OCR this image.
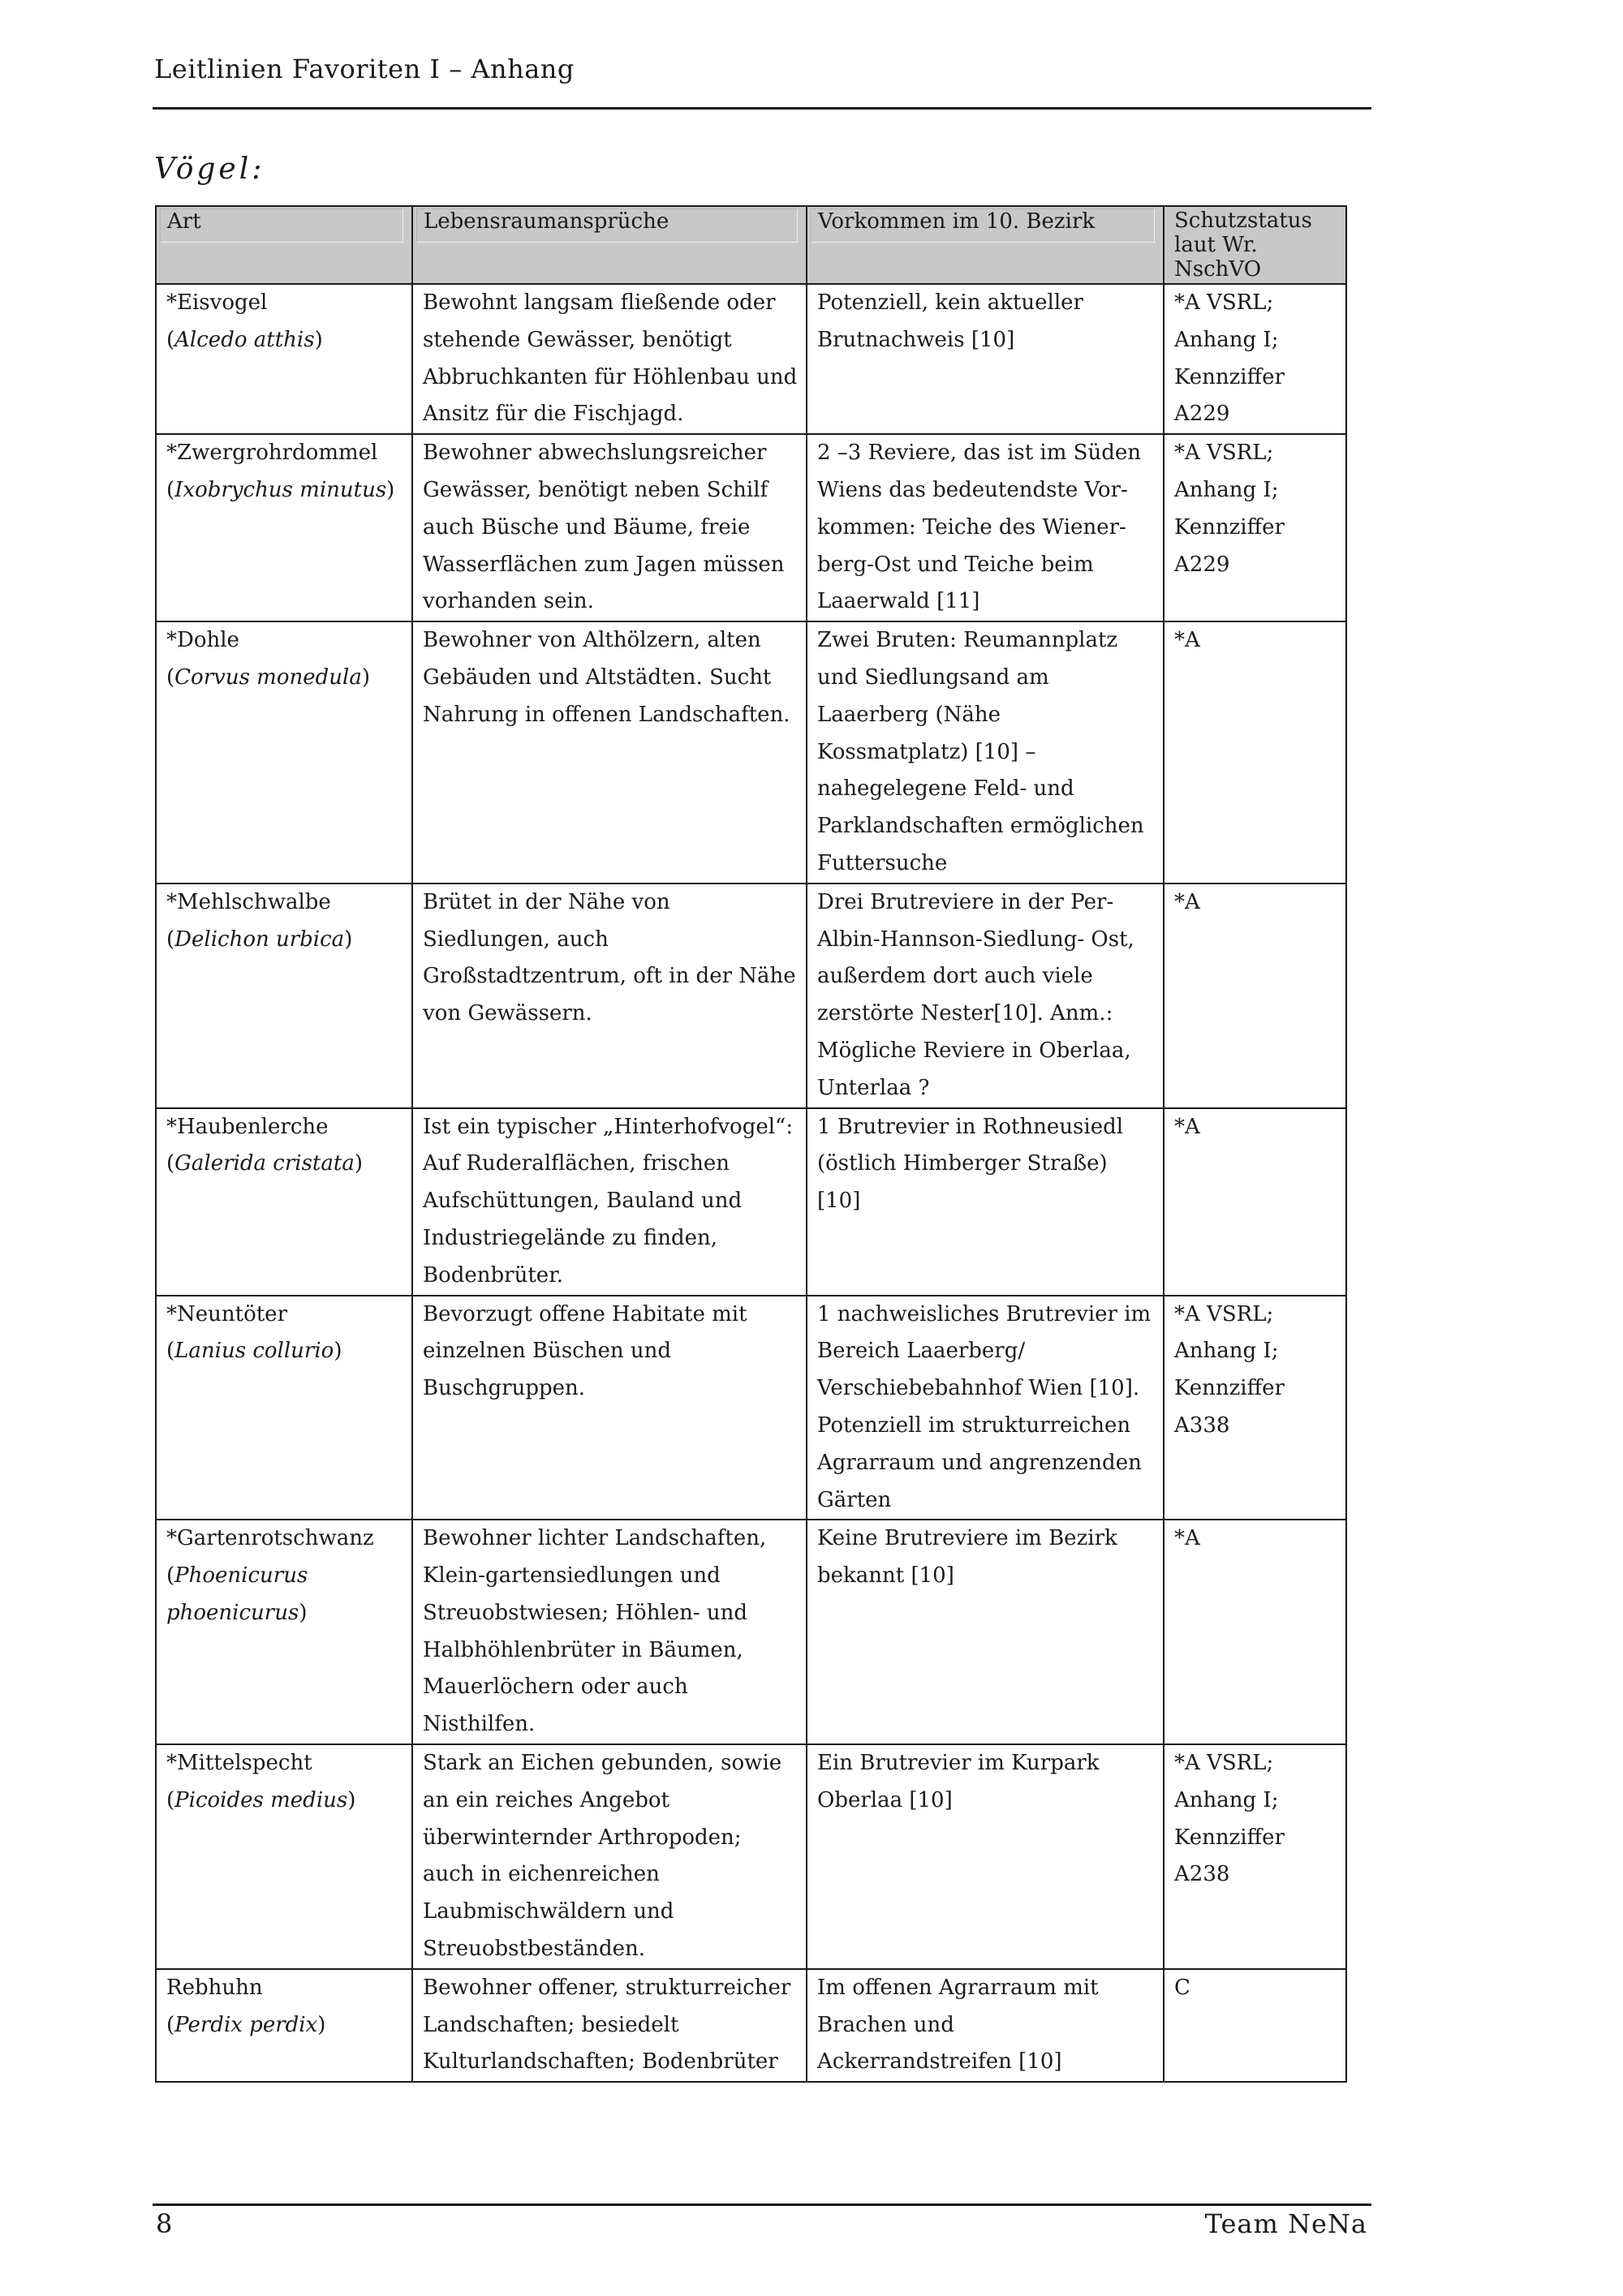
Leitlinien Favoriten I – Anhang
Vögel:
Art	Lebensraumansprüche	Vorkommen im 10. Bezirk	Schutzstatus laut Wr. NschVO

*Eisvogel
(Alcedo atthis)	Bewohnt langsam fließende oder stehende Gewässer, benötigt Abbruchkanten für Höhlenbau und Ansitz für die Fischjagd.	Potenziell, kein aktueller Brutnachweis [10]	*A VSRL; Anhang I; Kennziffer A229

*Zwergrohrdommel
(Ixobrychus minutus)	Bewohner abwechslungsreicher Gewässer, benötigt neben Schilf auch Büsche und Bäume, freie Wasserflächen zum Jagen müssen vorhanden sein.	2 –3 Reviere, das ist im Süden Wiens das bedeutendste Vor-kommen: Teiche des Wiener-berg-Ost und Teiche beim Laaerwald [11]	*A VSRL; Anhang I; Kennziffer A229

*Dohle
(Corvus monedula)	Bewohner von Althölzern, alten Gebäuden und Altstädten. Sucht Nahrung in offenen Landschaften.	Zwei Bruten: Reumannplatz und Siedlungsand am Laaerberg (Nähe Kossmatplatz) [10] – nahegelegene Feld- und Parklandschaften ermöglichen Futtersuche	*A

*Mehlschwalbe
(Delichon urbica)	Brütet in der Nähe von Siedlungen, auch Großstadtzentrum, oft in der Nähe von Gewässern.	Drei Brutreviere in der Per-Albin-Hannson-Siedlung- Ost, außerdem dort auch viele zerstörte Nester[10]. Anm.: Mögliche Reviere in Oberlaa, Unterlaa ?	*A

*Haubenlerche
(Galerida cristata)	Ist ein typischer „Hinterhofvogel“: Auf Ruderalflächen, frischen Aufschüttungen, Bauland und Industriegelände zu finden, Bodenbrüter.	1 Brutrevier in Rothneusiedl (östlich Himberger Straße) [10]	*A

*Neuntöter
(Lanius collurio)	Bevorzugt offene Habitate mit einzelnen Büschen und Buschgruppen.	1 nachweisliches Brutrevier im Bereich Laaerberg/ Verschiebebahnhof Wien [10]. Potenziell im strukturreichen Agrarraum und angrenzenden Gärten	*A VSRL; Anhang I; Kennziffer A338

*Gartenrotschwanz
(Phoenicurus phoenicurus)	Bewohner lichter Landschaften, Klein-gartensiedlungen und Streuobstwiesen; Höhlen- und Halbhöhlenbrüter in Bäumen, Mauerlöchern oder auch Nisthilfen.	Keine Brutreviere im Bezirk bekannt [10]	*A

*Mittelspecht
(Picoides medius)	Stark an Eichen gebunden, sowie an ein reiches Angebot überwinternder Arthropoden; auch in eichenreichen Laubmischwäldern und Streuobstbeständen.	Ein Brutrevier im Kurpark Oberlaa [10]	*A VSRL; Anhang I; Kennziffer A238

Rebhuhn
(Perdix perdix)	Bewohner offener, strukturreicher Landschaften; besiedelt Kulturlandschaften; Bodenbrüter	Im offenen Agrarraum mit Brachen und Ackerrandstreifen [10]	C
8	Team NeNa
